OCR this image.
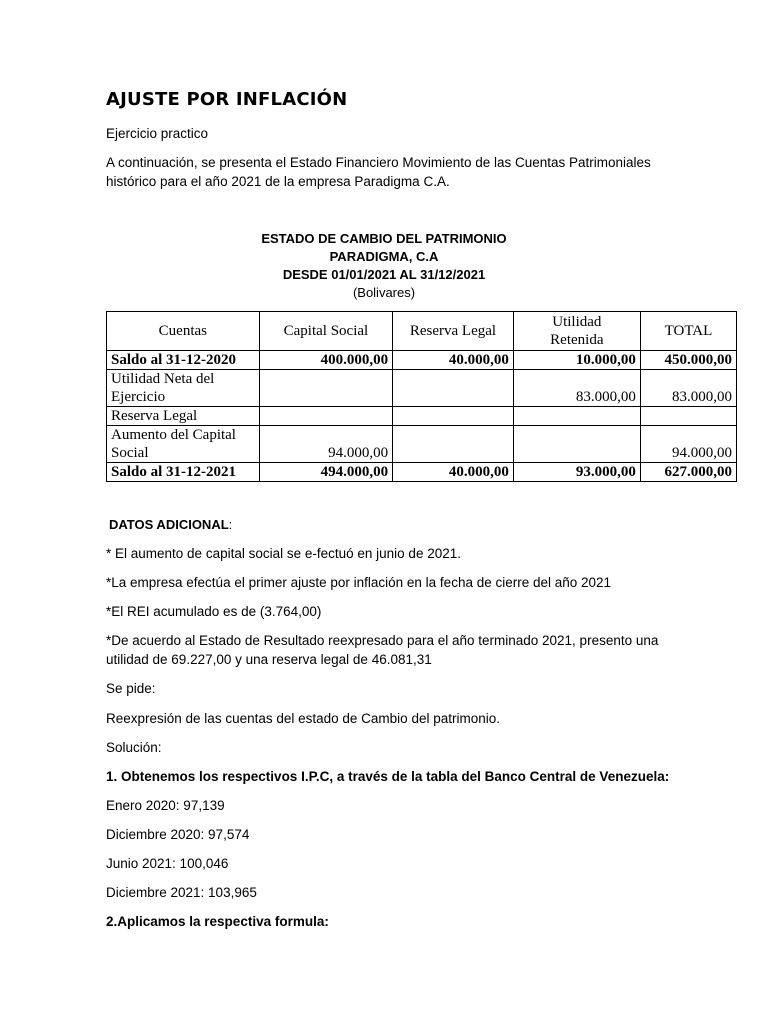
AJUSTE POR INFLACIÓN

Ejercicio practico

A continuación, se presenta el Estado Financiero Movimiento de las Cuentas Patrimoniales

histórico para el año 2021 de la empresa Paradigma C.A.

ESTADO DE CAMBIO DEL PATRIMONIO
PARADIGMA, C.A
DESDE 01/01/2021 AL 31/12/2021
(Bolivares)
Cuentas	Capital Social	Reserva Legal	Utilidad Retenida	TOTAL
Saldo al 31-12-2020	400.000,00	40.000,00	10.000,00	450.000,00
Utilidad Neta del Ejercicio			83.000,00	83.000,00
Reserva Legal				
Aumento del Capital Social	94.000,00			94.000,00
Saldo al 31-12-2021	494.000,00	40.000,00	93.000,00	627.000,00

DATOS ADICIONAL:

* El aumento de capital social se e-fectuó en junio de 2021.

*La empresa efectúa el primer ajuste por inflación en la fecha de cierre del año 2021

*El REI acumulado es de (3.764,00)

*De acuerdo al Estado de Resultado reexpresado para el año terminado 2021, presento una

utilidad de 69.227,00 y una reserva legal de 46.081,31

Se pide:

Reexpresión de las cuentas del estado de Cambio del patrimonio.

Solución:

1. Obtenemos los respectivos I.P.C, a través de la tabla del Banco Central de Venezuela:

Enero 2020: 97,139

Diciembre 2020: 97,574

Junio 2021: 100,046

Diciembre 2021: 103,965

2.Aplicamos la respectiva formula:
